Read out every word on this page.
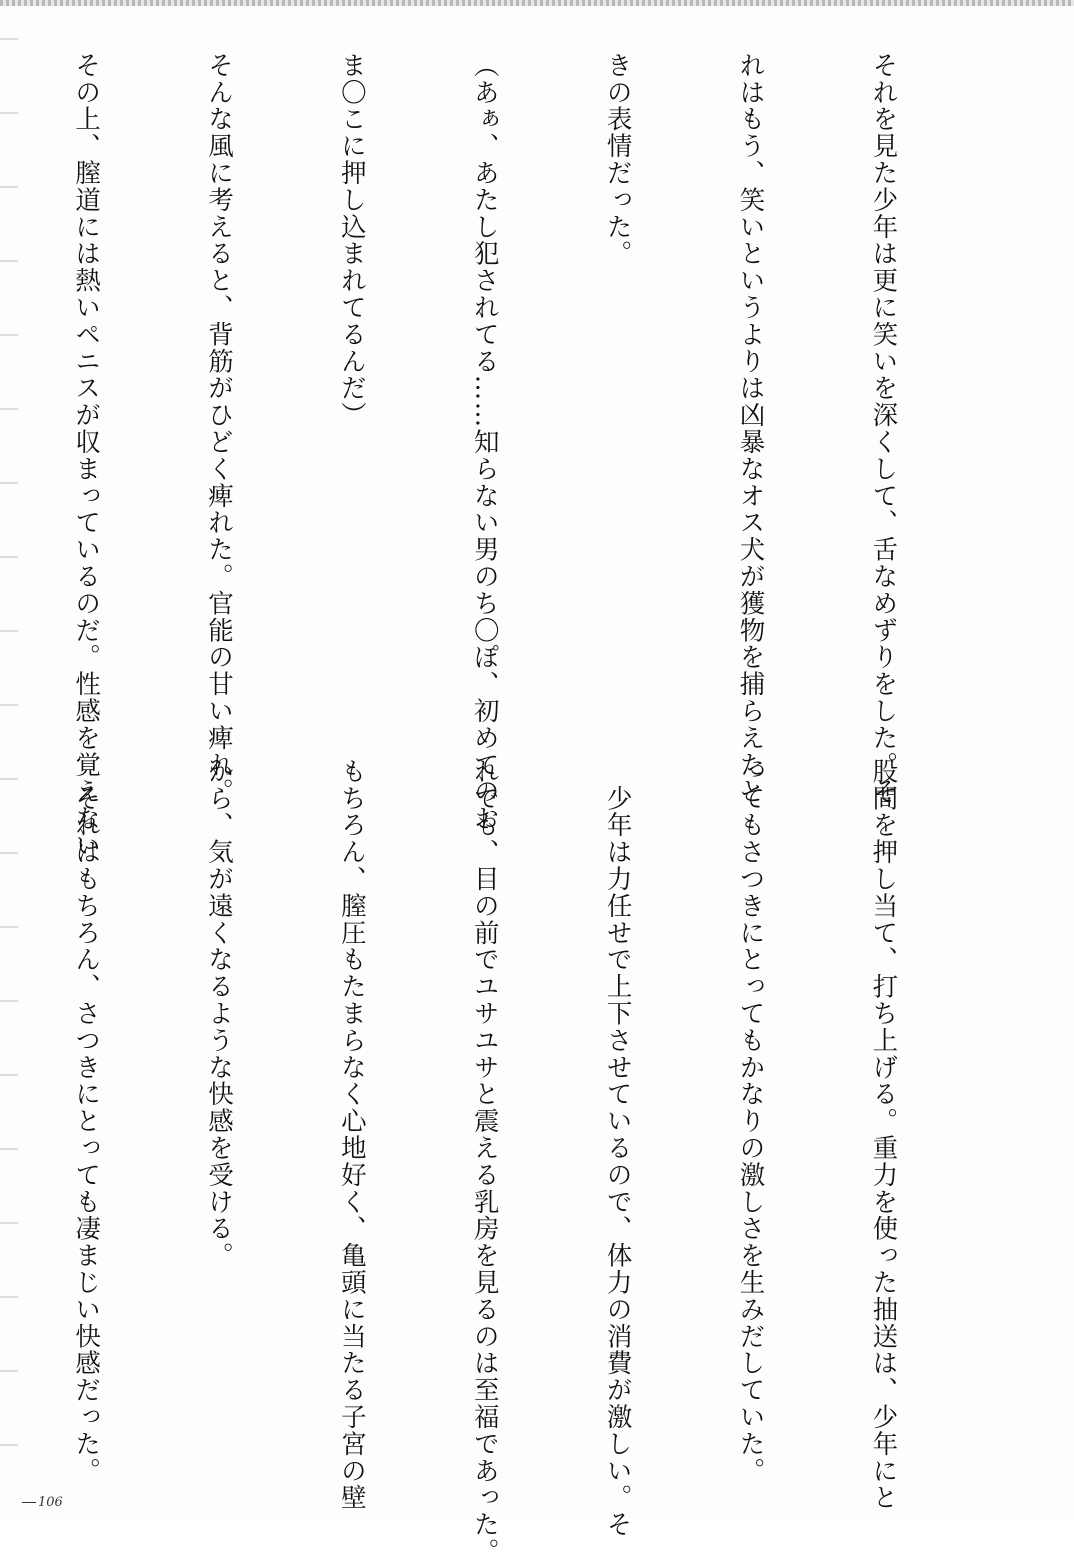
それを見た少年は更に笑いを深くして、舌なめずりをした。そ

れはもう、笑いというよりは凶暴なオス犬が獲物を捕らえたと

きの表情だった。

（あぁ、あたし犯されてる……知らない男のち〇ぽ、初めてのお

ま〇こに押し込まれてるんだ）

そんな風に考えると、背筋がひどく痺れた。官能の甘い痺れ。

その上、膣道には熱いペニスが収まっているのだ。性感を覚えない

股間を押し当て、打ち上げる。重力を使った抽送は、少年にと

ってもさつきにとってもかなりの激しさを生みだしていた。

　少年は力任せで上下させているので、体力の消費が激しい。そ

れでも、目の前でユサユサと震える乳房を見るのは至福であった。

もちろん、膣圧もたまらなく心地好く、亀頭に当たる子宮の壁

から、気が遠くなるような快感を受ける。

　それはもちろん、さつきにとっても凄まじい快感だった。

106
